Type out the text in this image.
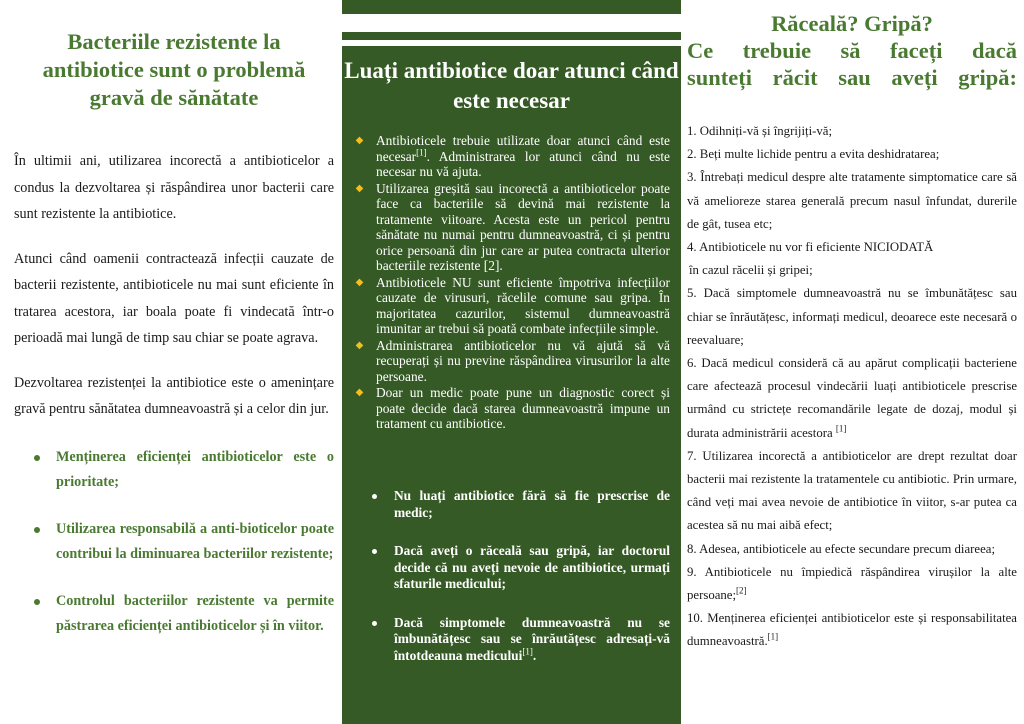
Bacteriile rezistente la antibiotice sunt o problemă gravă de sănătate

În ultimii ani, utilizarea incorectă a antibioticelor a condus la dezvoltarea și răspândirea unor bacterii care sunt rezistente la antibiotice.

Atunci când oamenii contractează infecții cauzate de bacterii rezistente, antibioticele nu mai sunt eficiente în tratarea acestora, iar boala poate fi vindecată într-o perioadă mai lungă de timp sau chiar se poate agrava.

Dezvoltarea rezistenței la antibiotice este o amenințare gravă pentru sănătatea dumneavoastră și a celor din jur.

Menținerea eficienței antibioticelor este o prioritate;
Utilizarea responsabilă a anti-bioticelor poate contribui la diminuarea bacteriilor rezistente;
Controlul bacteriilor rezistente va permite păstrarea eficienței antibioticelor și în viitor.
Luați antibiotice doar atunci când este necesar
◆
Antibioticele trebuie utilizate doar atunci când este necesar[1]. Administrarea lor atunci când nu este necesar nu vă ajuta.
◆
Utilizarea greșită sau incorectă a antibioticelor poate face ca bacteriile să devină mai rezistente la tratamente viitoare. Acesta este un pericol pentru sănătate nu numai pentru dumneavoastră, ci și pentru orice persoană din jur care ar putea contracta ulterior bacteriile rezistente [2].
◆
Antibioticele NU sunt eficiente împotriva infecțiilor cauzate de virusuri, răcelile comune sau gripa. În majoritatea cazurilor, sistemul dumneavoastră imunitar ar trebui să poată combate infecțiile simple.
◆
Administrarea antibioticelor nu vă ajută să vă recuperați și nu previne răspândirea virusurilor la alte persoane.
◆
Doar un medic poate pune un diagnostic corect și poate decide dacă starea dumneavoastră impune un tratament cu antibiotice.
Nu luați antibiotice fără să fie prescrise de medic;
Dacă aveți o răceală sau gripă, iar doctorul decide că nu aveți nevoie de antibiotice, urmați sfaturile medicului;
Dacă simptomele dumneavoastră nu se îmbunătățesc sau se înrăutățesc adresați-vă întotdeauna medicului[1].
Răceală? Gripă?
Ce trebuie să faceți dacă
sunteți răcit sau aveți gripă:
1. Odihniți-vă și îngrijiți-vă;
2. Beți multe lichide pentru a evita deshidratarea;
3. Întrebați medicul despre alte tratamente simptomatice care să vă amelioreze starea generală precum nasul înfundat, durerile de gât, tusea etc;
4. Antibioticele nu vor fi eficiente NICIODATĂ
în cazul răcelii și gripei;
5. Dacă simptomele dumneavoastră nu se îmbunătățesc sau chiar se înrăutățesc, informați medicul, deoarece este necesară o reevaluare;
6. Dacă medicul consideră că au apărut complicații bacteriene care afectează procesul vindecării luați antibioticele prescrise urmând cu strictețe recomandările legate de dozaj, modul și durata administrării acestora [1]
7. Utilizarea incorectă a antibioticelor are drept rezultat doar bacterii mai rezistente la tratamentele cu antibiotic. Prin urmare, când veți mai avea nevoie de antibiotice în viitor, s-ar putea ca acestea să nu mai aibă efect;
8. Adesea, antibioticele au efecte secundare precum diareea;
9. Antibioticele nu împiedică răspândirea virușilor la alte persoane;[2]
10. Menținerea eficienței antibioticelor este și responsabilitatea dumneavoastră.[1]
